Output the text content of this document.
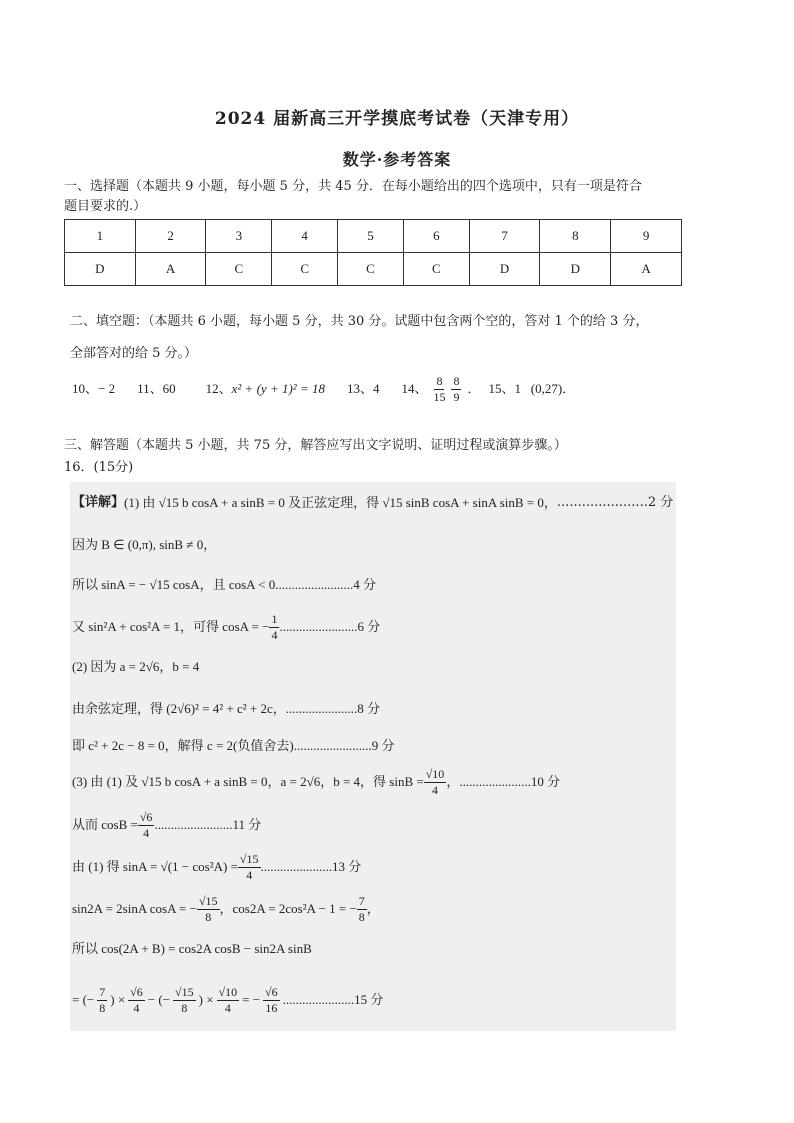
2024 届新高三开学摸底考试卷（天津专用）
数学·参考答案
一、选择题（本题共 9 小题，每小题 5 分，共 45 分．在每小题给出的四个选项中，只有一项是符合
题目要求的.）
1	2	3	4	5	6	7	8	9
D	A	C	C	C	C	D	D	A
二、填空题：（本题共 6 小题，每小题 5 分，共 30 分。试题中包含两个空的，答对 1 个的给 3 分，
全部答对的给 5 分。）
10、− 2 11、60 12、x² + (y + 1)² = 18 13、4 14、 $\frac{8}{15} \frac{8}{9}$ ． 15、1 (0,27)．
三、解答题（本题共 5 小题，共 75 分，解答应写出文字说明、证明过程或演算步骤。）
16．(15分)
【详解】 (1) 由 √15 b cosA + a sinB = 0 及正弦定理，得 √15 sinB cosA + sinA sinB = 0， ......................2 分
因为 B ∈ (0,π), sinB ≠ 0，
所以 sinA = − √15 cosA，且 cosA < 0 ........................4 分
又 sin²A + cos²A = 1，可得 cosA = − $\frac{1}{4} ........................6$ 分
(2) 因为 a = 2√6，b = 4
由余弦定理，得 (2√6)² = 4² + c² + 2c， ......................8 分
即 c² + 2c − 8 = 0，解得 c = 2(负值舍去) ........................9 分
(3) 由 (1) 及 √15 b cosA + a sinB = 0，a = 2√6，b = 4，得 $\sin B = \frac{√10}{4}$ ， ......................10 分
从而 $\cos B = \frac{√6}{4} ........................11$ 分
由 (1) 得 $\sin A = √(1 - \cos^2A) = \frac{√15}{4} ......................13$ 分
sin2A = 2sinA cosA = − $\frac{√15}{8}$ ，cos2A = 2cos²A − 1 = − $\frac{7}{8}$ ，
所以 cos(2A + B) = cos2A cosB − sin2A sinB
= (− $\frac{7}{8}$ ) × $\frac{√6}{4}$ − (− $\frac{√15}{8}$ ) × $\frac{√10}{4}$ = − $\frac{√6}{16} ......................15$ 分
